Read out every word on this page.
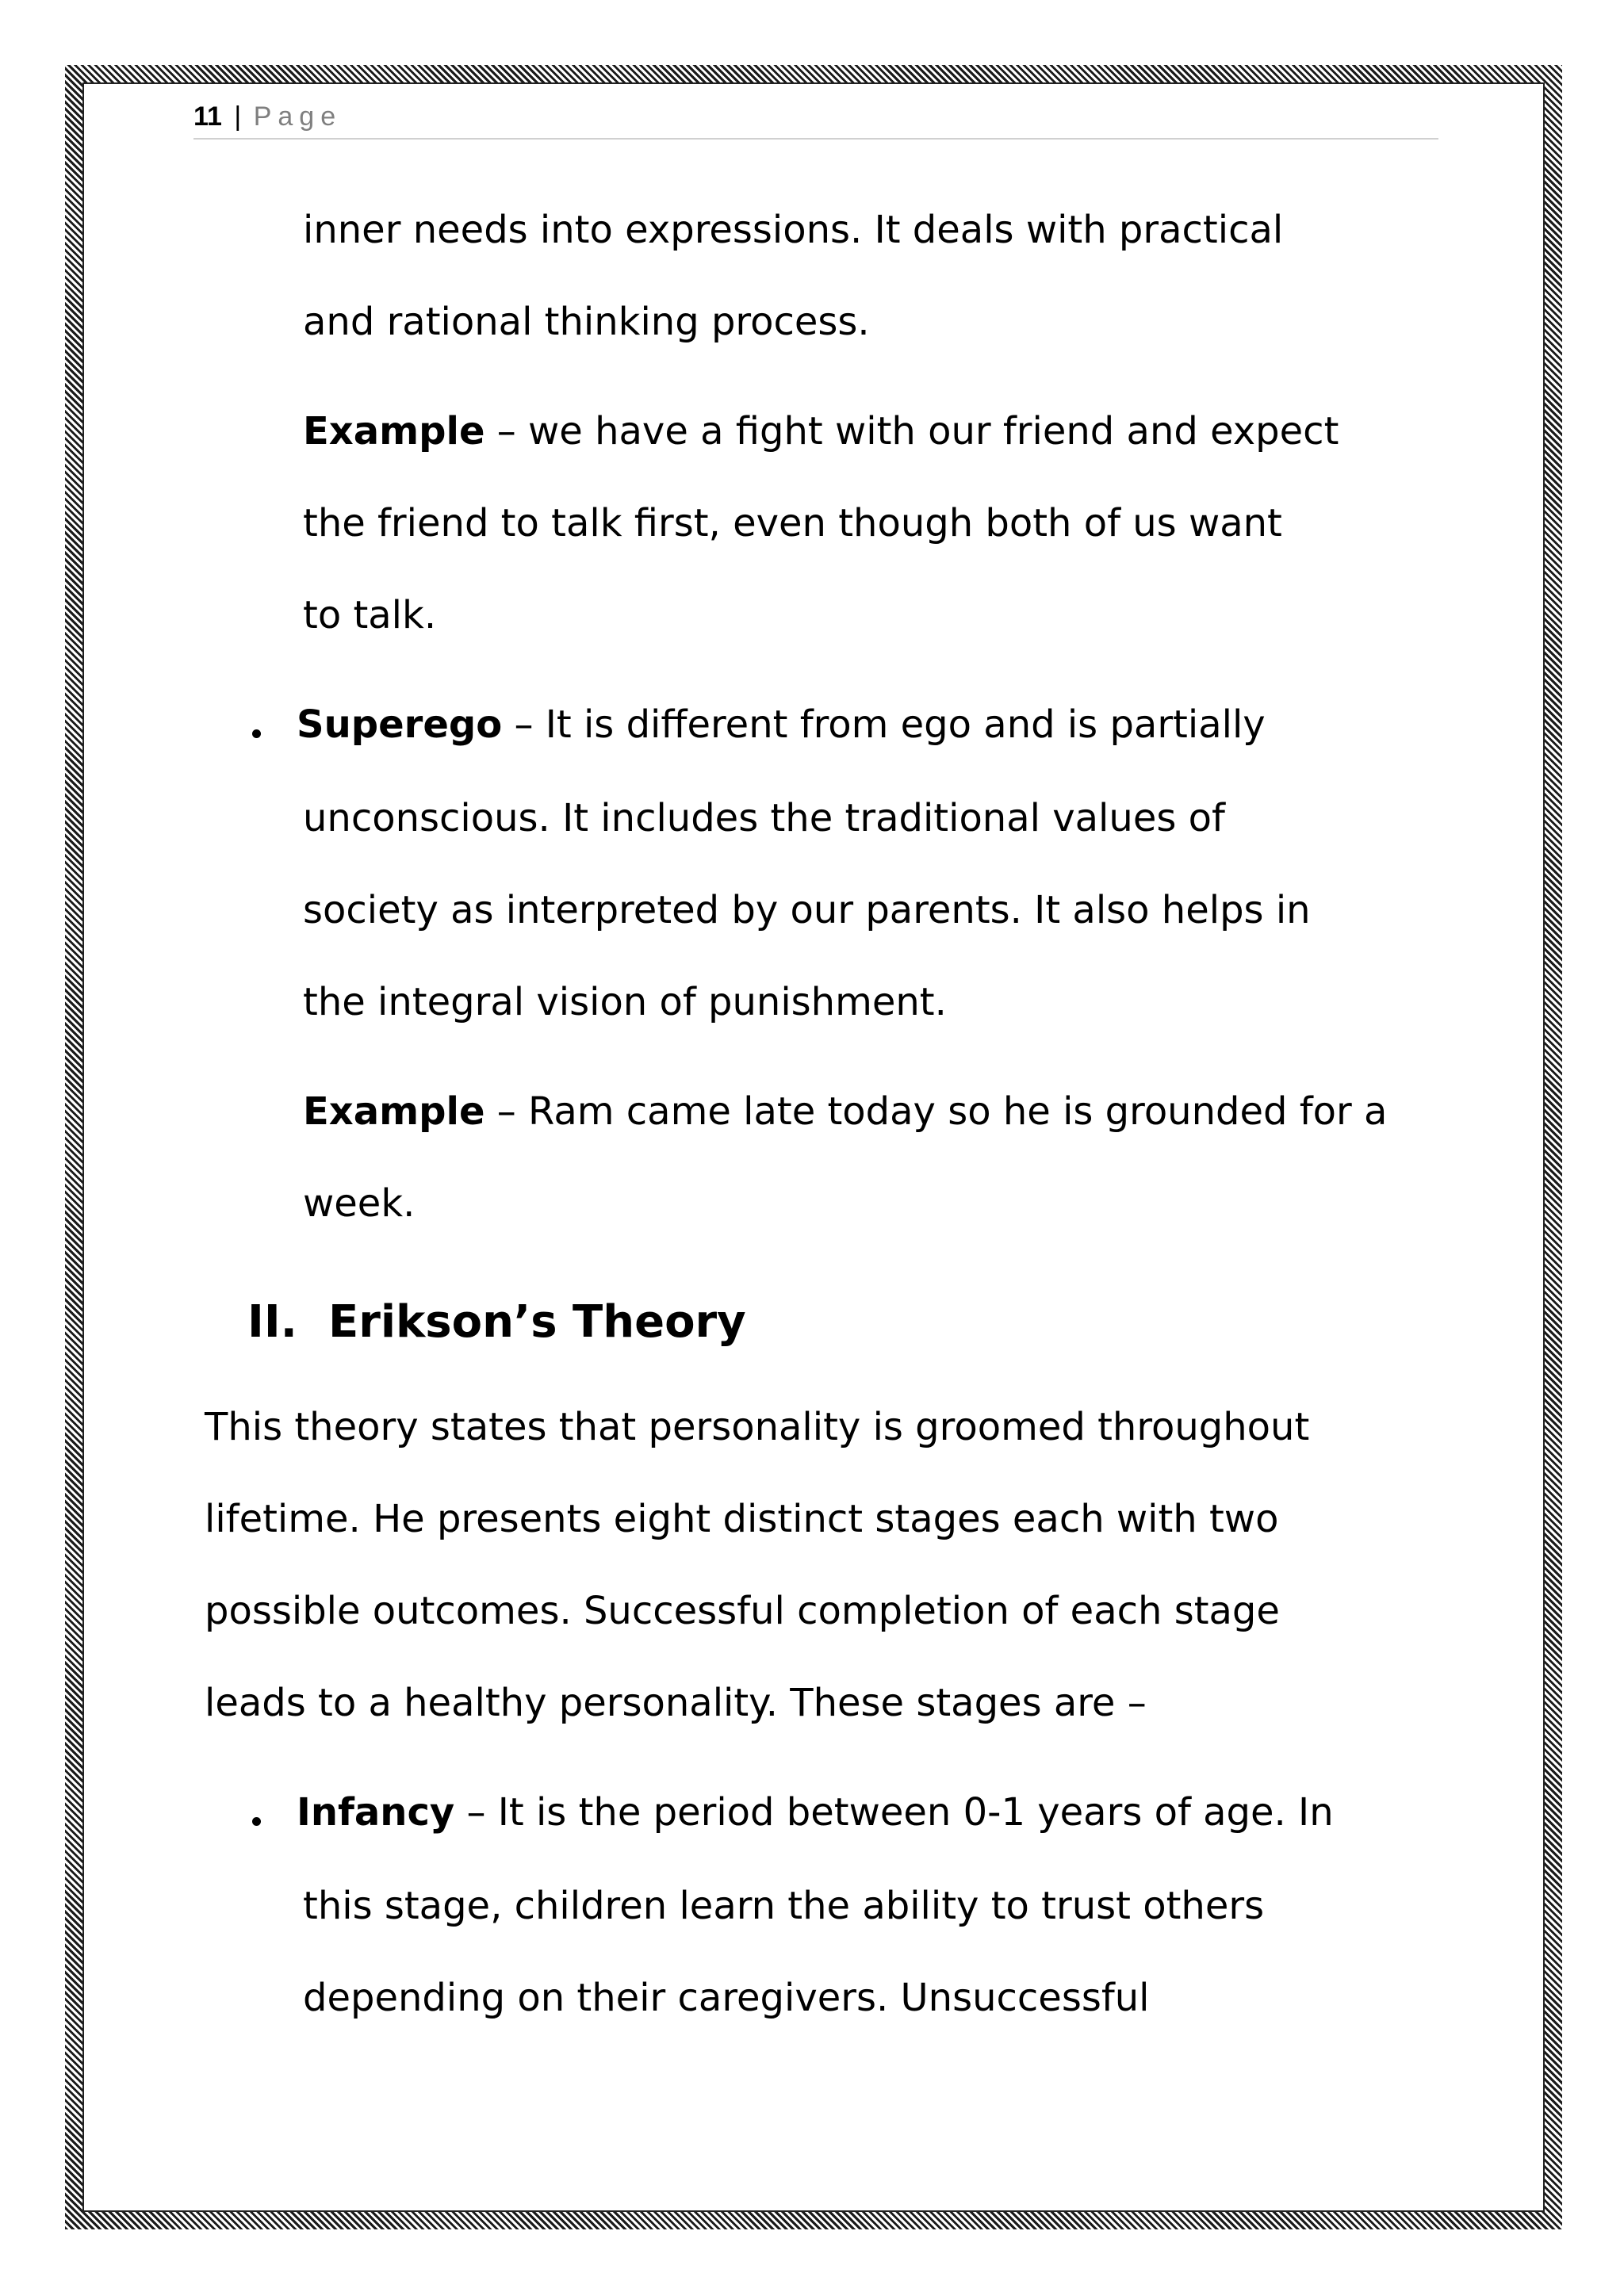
11 | Page
inner needs into expressions. It deals with practical
and rational thinking process.
Example – we have a fight with our friend and expect
the friend to talk first, even though both of us want
to talk.
Superego – It is different from ego and is partially
unconscious. It includes the traditional values of
society as interpreted by our parents. It also helps in
the integral vision of punishment.
Example – Ram came late today so he is grounded for a
week.
II. Erikson’s Theory
This theory states that personality is groomed throughout
lifetime. He presents eight distinct stages each with two
possible outcomes. Successful completion of each stage
leads to a healthy personality. These stages are –
Infancy – It is the period between 0-1 years of age. In
this stage, children learn the ability to trust others
depending on their caregivers. Unsuccessful
